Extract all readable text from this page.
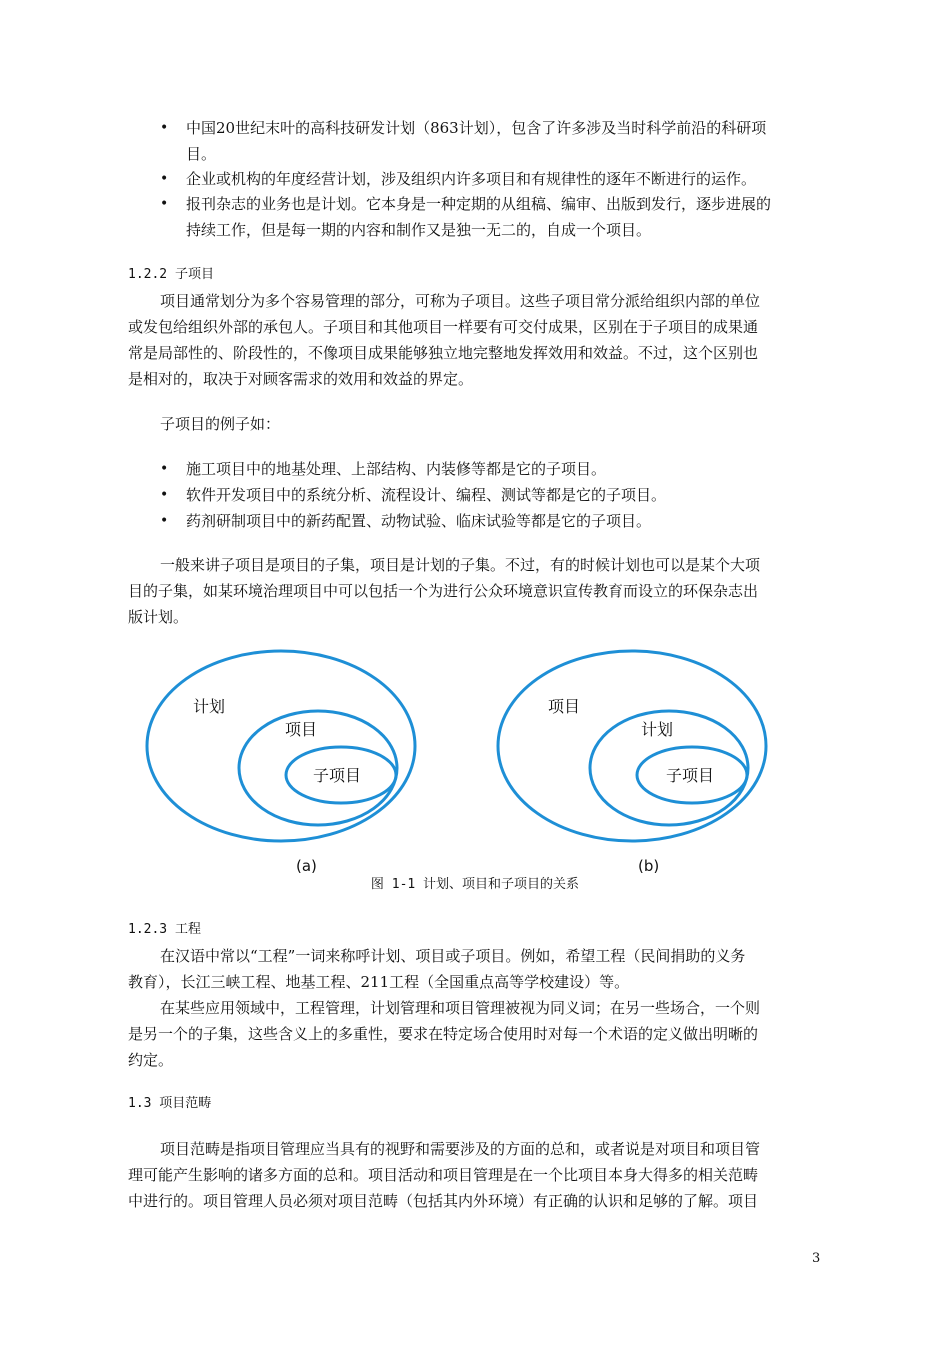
• 中国20世纪末叶的高科技研发计划（863计划），包含了许多涉及当时科学前沿的科研项
目。
• 企业或机构的年度经营计划，涉及组织内许多项目和有规律性的逐年不断进行的运作。
• 报刊杂志的业务也是计划。它本身是一种定期的从组稿、编审、出版到发行，逐步进展的
持续工作，但是每一期的内容和制作又是独一无二的，自成一个项目。
1.2.2 子项目
项目通常划分为多个容易管理的部分，可称为子项目。这些子项目常分派给组织内部的单位
或发包给组织外部的承包人。子项目和其他项目一样要有可交付成果，区别在于子项目的成果通
常是局部性的、阶段性的，不像项目成果能够独立地完整地发挥效用和效益。不过，这个区别也
是相对的，取决于对顾客需求的效用和效益的界定。
子项目的例子如：
• 施工项目中的地基处理、上部结构、内装修等都是它的子项目。
• 软件开发项目中的系统分析、流程设计、编程、测试等都是它的子项目。
• 药剂研制项目中的新药配置、动物试验、临床试验等都是它的子项目。
一般来讲子项目是项目的子集，项目是计划的子集。不过，有的时候计划也可以是某个大项
目的子集，如某环境治理项目中可以包括一个为进行公众环境意识宣传教育而设立的环保杂志出
版计划。
计划
项目
子项目
(a)
项目
计划
子项目
(b)
图 1-1 计划、项目和子项目的关系
1.2.3 工程
在汉语中常以“工程”一词来称呼计划、项目或子项目。例如，希望工程（民间捐助的义务
教育），长江三峡工程、地基工程、211工程（全国重点高等学校建设）等。
在某些应用领域中，工程管理，计划管理和项目管理被视为同义词；在另一些场合，一个则
是另一个的子集，这些含义上的多重性，要求在特定场合使用时对每一个术语的定义做出明晰的
约定。
1.3 项目范畴
项目范畴是指项目管理应当具有的视野和需要涉及的方面的总和，或者说是对项目和项目管
理可能产生影响的诸多方面的总和。项目活动和项目管理是在一个比项目本身大得多的相关范畴
中进行的。项目管理人员必须对项目范畴（包括其内外环境）有正确的认识和足够的了解。项目
3
